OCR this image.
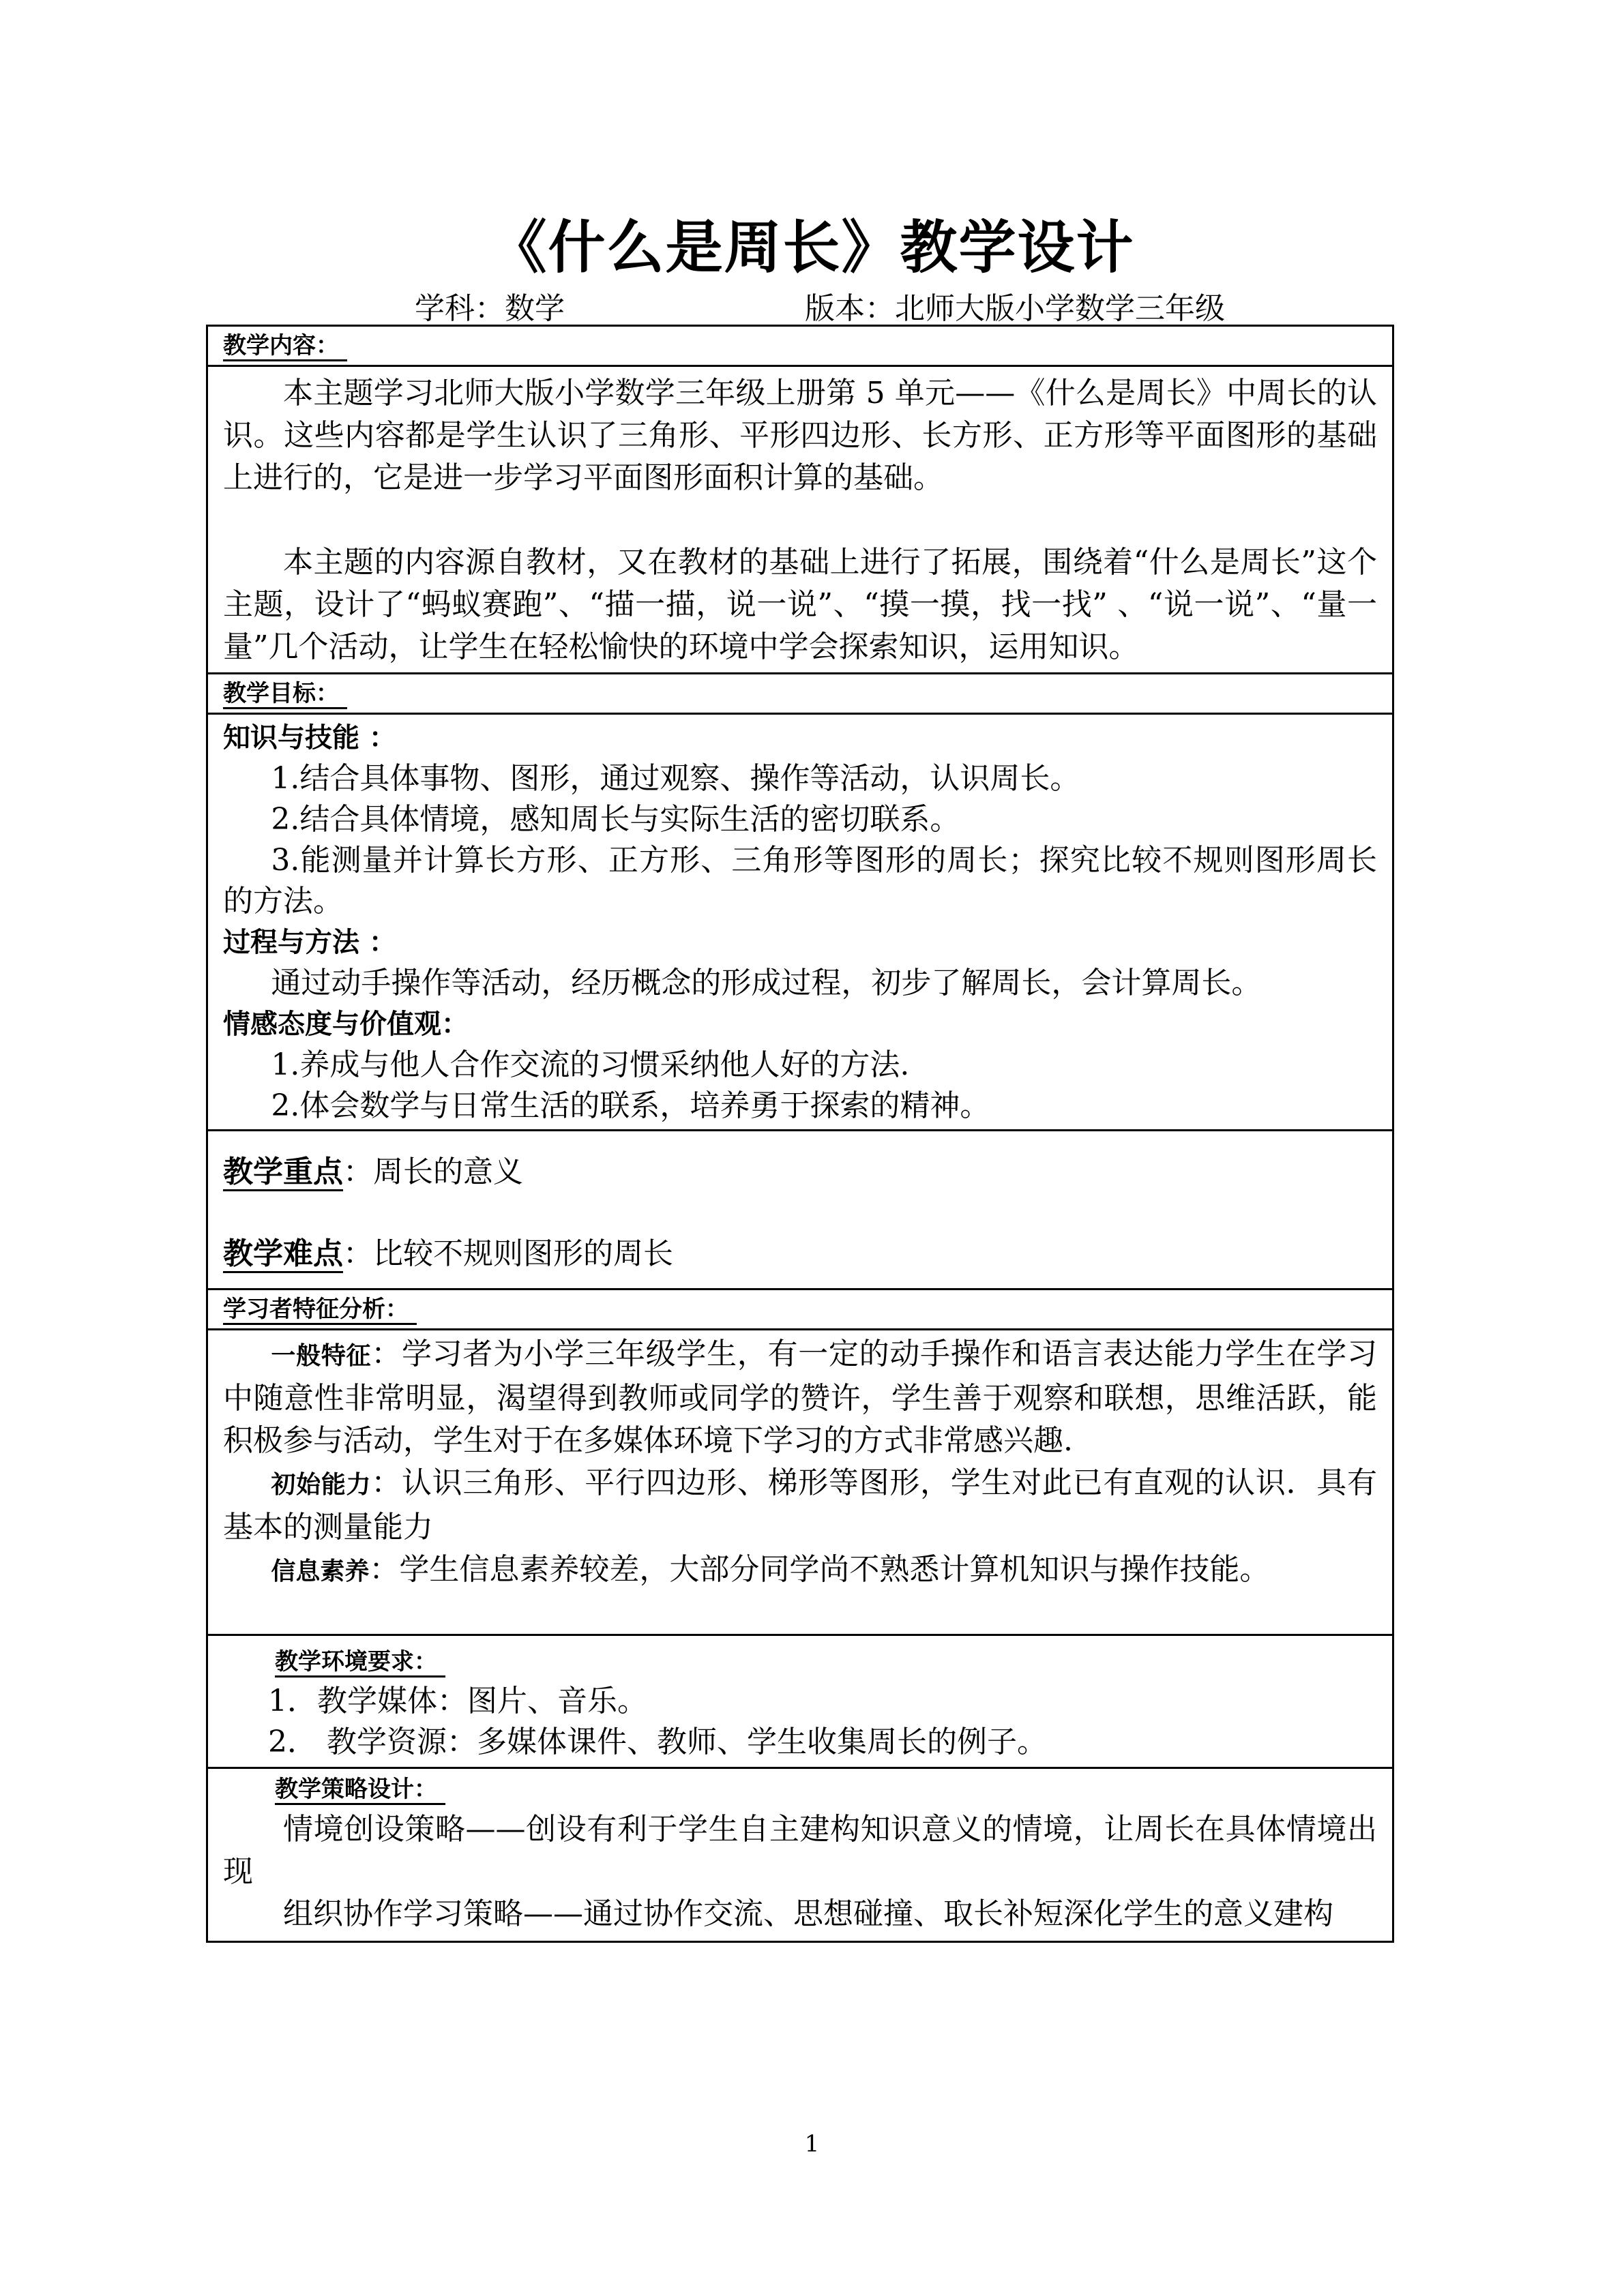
《什么是周长》教学设计
学科：数学	版本：北师大版小学数学三年级
教学内容：

本主题学习北师大版小学数学三年级上册第 5 单元——《什么是周长》中周长的认识。这些内容都是学生认识了三角形、平形四边形、长方形、正方形等平面图形的基础上进行的，它是进一步学习平面图形面积计算的基础。

本主题的内容源自教材，又在教材的基础上进行了拓展，围绕着“什么是周长”这个主题，设计了“蚂蚁赛跑”、“描一描，说一说”、“摸一摸，找一找” 、“说一说”、“量一量”几个活动，让学生在轻松愉快的环境中学会探索知识，运用知识。

教学目标：

知识与技能 ：

1.结合具体事物、图形，通过观察、操作等活动，认识周长。

2.结合具体情境，感知周长与实际生活的密切联系。

3.能测量并计算长方形、正方形、三角形等图形的周长；探究比较不规则图形周长的方法。

过程与方法 ：

通过动手操作等活动，经历概念的形成过程，初步了解周长，会计算周长。

情感态度与价值观：

1.养成与他人合作交流的习惯采纳他人好的方法.

2.体会数学与日常生活的联系，培养勇于探索的精神。

教学重点：周长的意义

教学难点：比较不规则图形的周长

学习者特征分析：

一般特征：学习者为小学三年级学生，有一定的动手操作和语言表达能力学生在学习中随意性非常明显，渴望得到教师或同学的赞许，学生善于观察和联想，思维活跃，能积极参与活动，学生对于在多媒体环境下学习的方式非常感兴趣.

初始能力：认识三角形、平行四边形、梯形等图形，学生对此已有直观的认识．具有基本的测量能力

信息素养：学生信息素养较差，大部分同学尚不熟悉计算机知识与操作技能。

教学环境要求：

1．教学媒体：图片、音乐。

2． 教学资源：多媒体课件、教师、学生收集周长的例子。

教学策略设计：

情境创设策略——创设有利于学生自主建构知识意义的情境，让周长在具体情境出现

组织协作学习策略——通过协作交流、思想碰撞、取长补短深化学生的意义建构

1
